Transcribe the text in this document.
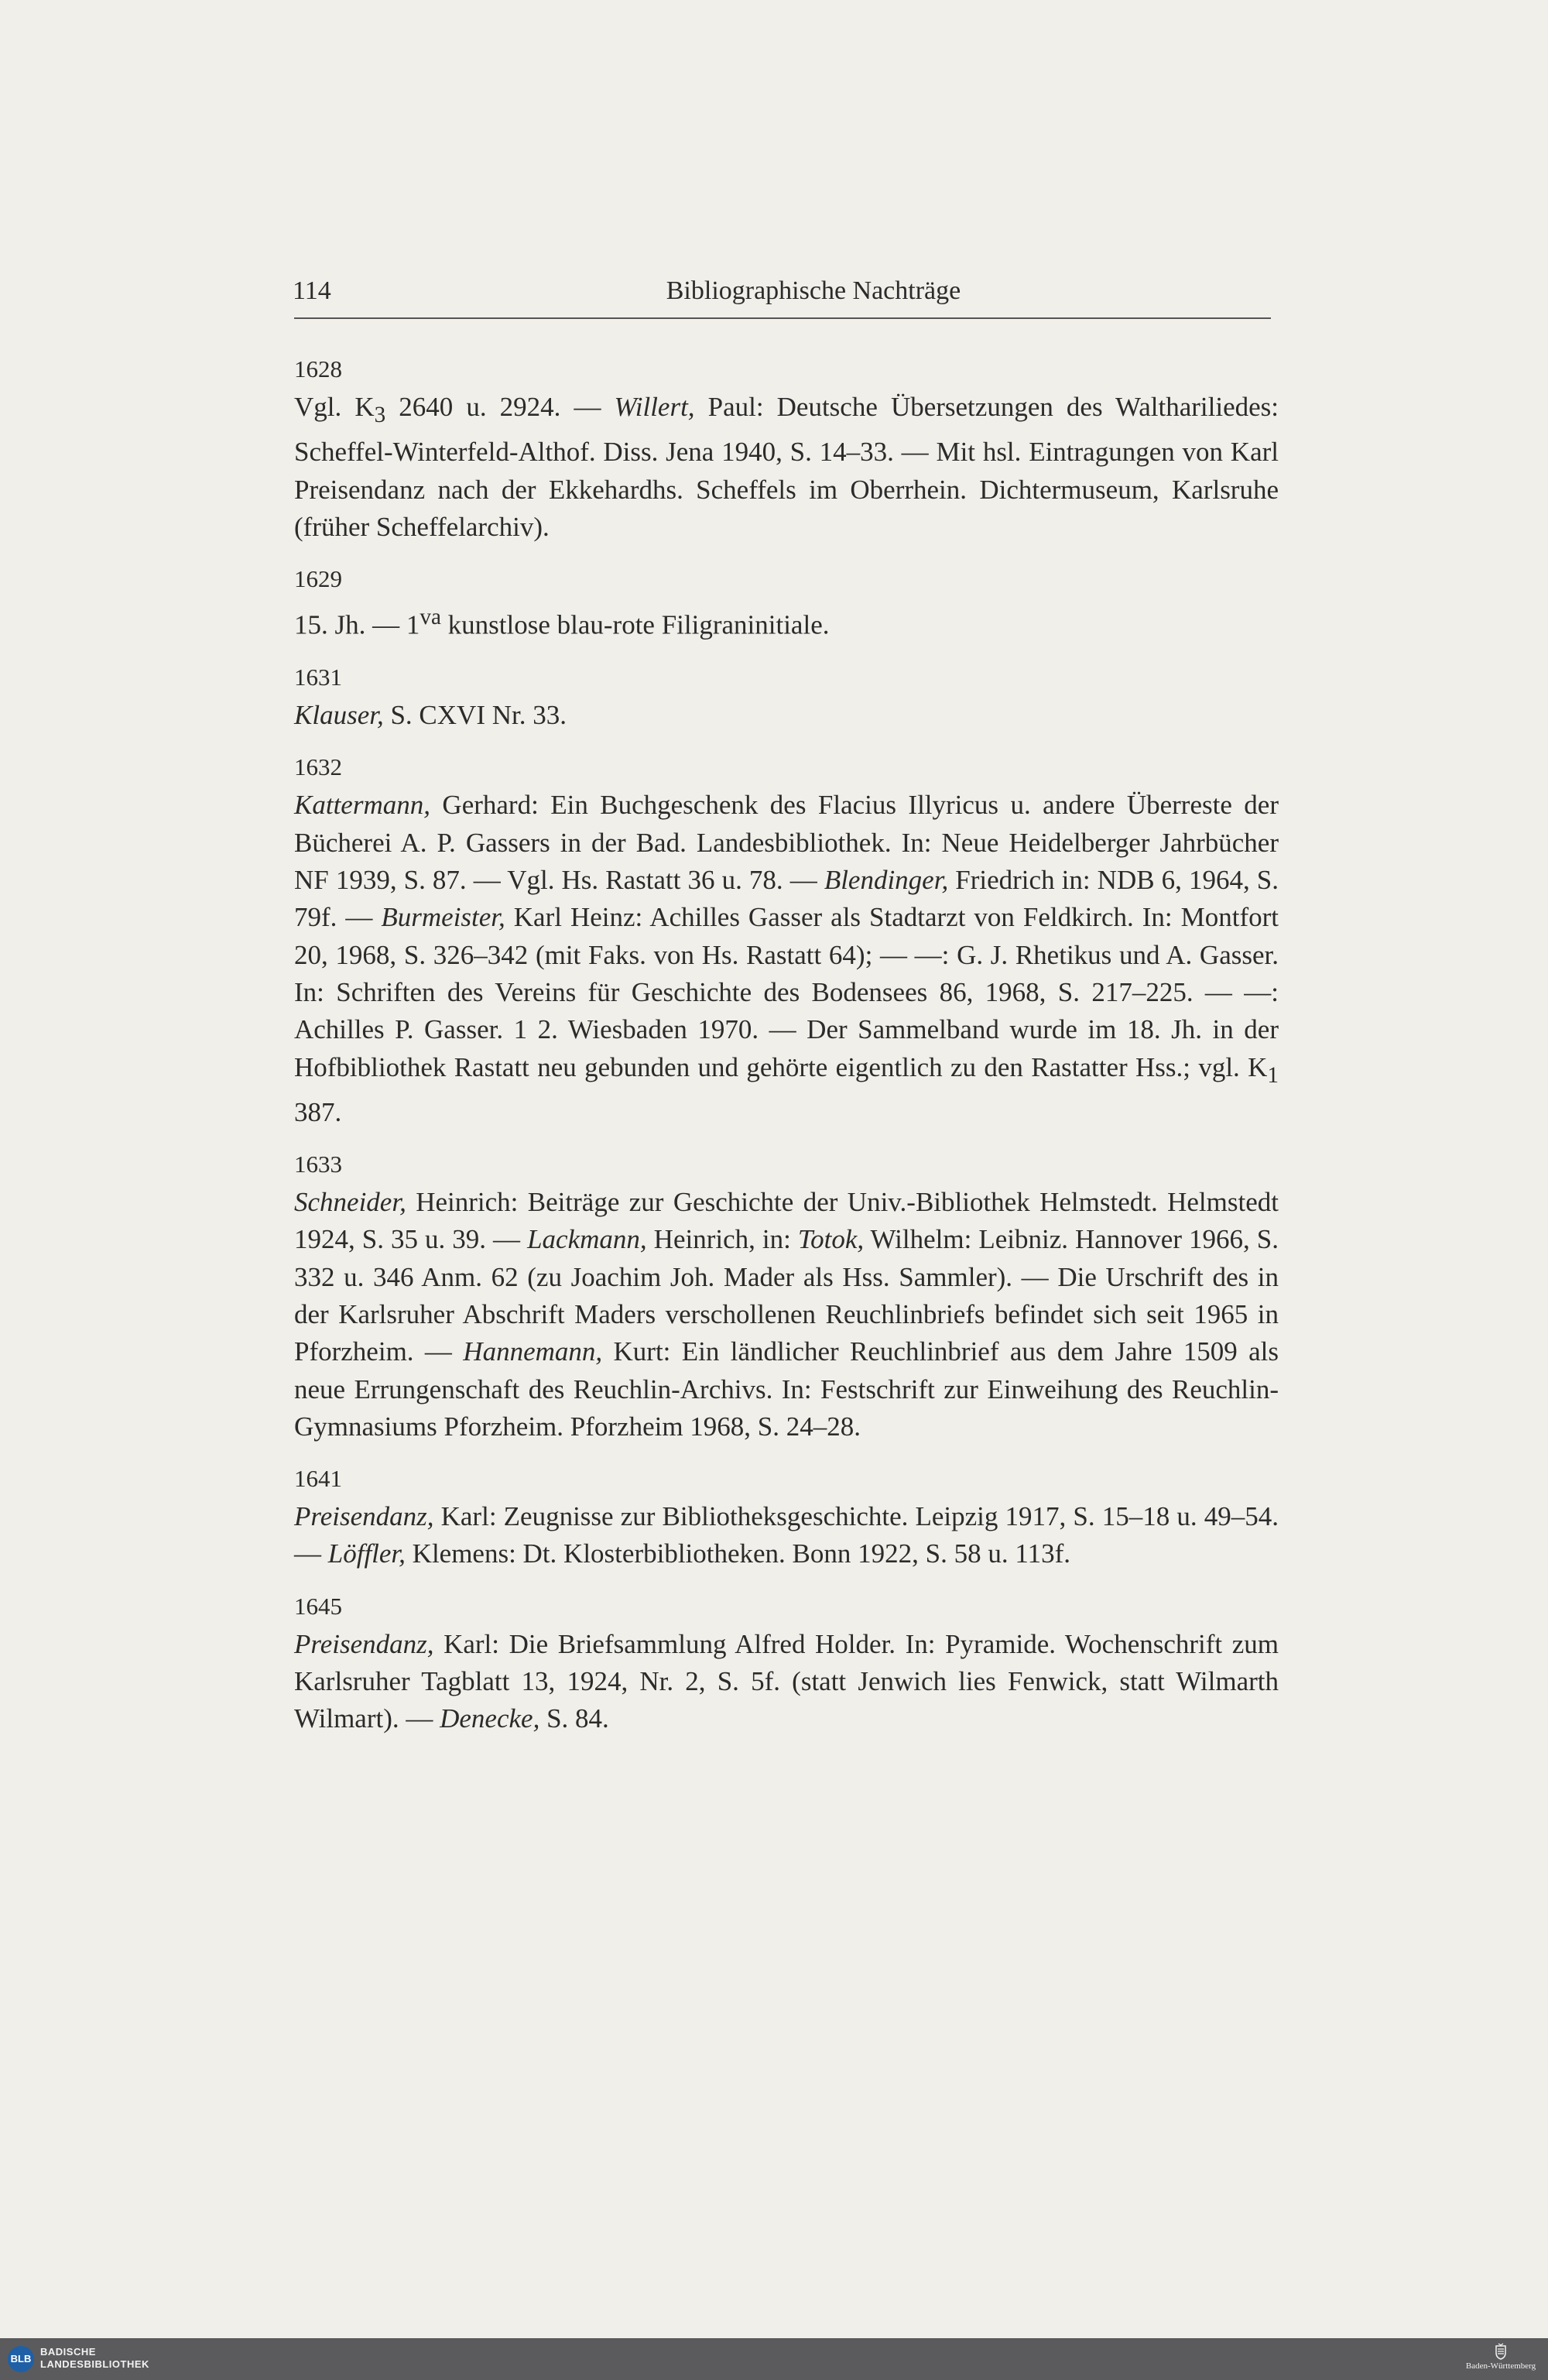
114	Bibliographische Nachträge

1628

Vgl. $K_3$ 2640 u. 2924. — Willert, Paul: Deutsche Übersetzungen des Walthariliedes: Scheffel-Winterfeld-Althof. Diss. Jena 1940, S. 14–33. — Mit hsl. Eintragungen von Karl Preisendanz nach der Ekkehardhs. Scheffels im Oberrhein. Dichtermuseum, Karlsruhe (früher Scheffelarchiv).

1629

15. Jh. — $1^{va}$ kunstlose blau-rote Filigraninitiale.

1631

Klauser, S. CXVI Nr. 33.

1632

Kattermann, Gerhard: Ein Buchgeschenk des Flacius Illyricus u. andere Überreste der Bücherei A. P. Gassers in der Bad. Landesbibliothek. In: Neue Heidelberger Jahrbücher NF 1939, S. 87. — Vgl. Hs. Rastatt 36 u. 78. — Blendinger, Friedrich in: NDB 6, 1964, S. 79f. — Burmeister, Karl Heinz: Achilles Gasser als Stadtarzt von Feldkirch. In: Montfort 20, 1968, S. 326–342 (mit Faks. von Hs. Rastatt 64); — —: G. J. Rhetikus und A. Gasser. In: Schriften des Vereins für Geschichte des Bodensees 86, 1968, S. 217–225. — —: Achilles P. Gasser. 1 2. Wiesbaden 1970. — Der Sammelband wurde im 18. Jh. in der Hofbibliothek Rastatt neu gebunden und gehörte eigentlich zu den Rastatter Hss.; vgl. $K_1$ 387.

1633

Schneider, Heinrich: Beiträge zur Geschichte der Univ.-Bibliothek Helmstedt. Helmstedt 1924, S. 35 u. 39. — Lackmann, Heinrich, in: Totok, Wilhelm: Leibniz. Hannover 1966, S. 332 u. 346 Anm. 62 (zu Joachim Joh. Mader als Hss. Sammler). — Die Urschrift des in der Karlsruher Abschrift Maders verschollenen Reuchlinbriefs befindet sich seit 1965 in Pforzheim. — Hannemann, Kurt: Ein ländlicher Reuchlinbrief aus dem Jahre 1509 als neue Errungenschaft des Reuchlin-Archivs. In: Festschrift zur Einweihung des Reuchlin-Gymnasiums Pforzheim. Pforzheim 1968, S. 24–28.

1641

Preisendanz, Karl: Zeugnisse zur Bibliotheksgeschichte. Leipzig 1917, S. 15–18 u. 49–54. — Löffler, Klemens: Dt. Klosterbibliotheken. Bonn 1922, S. 58 u. 113f.

1645

Preisendanz, Karl: Die Briefsammlung Alfred Holder. In: Pyramide. Wochenschrift zum Karlsruher Tagblatt 13, 1924, Nr. 2, S. 5f. (statt Jenwich lies Fenwick, statt Wilmarth Wilmart). — Denecke, S. 84.

BLB
BADISCHE
LANDESBIBLIOTHEK	Baden-Württemberg
